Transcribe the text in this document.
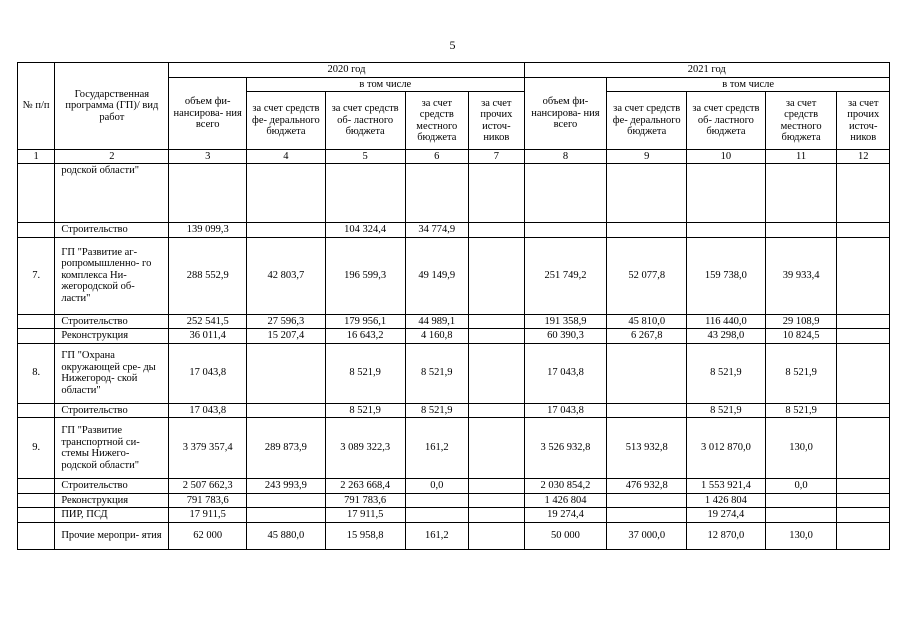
5
№ п/п	Государственная программа (ГП)/ вид работ	2020 год					2021 год				
		объем фи- нансирова- ния всего	в том числе				объем фи- нансирова- ния всего	в том числе			
			за счет средств фе- дерального бюджета	за счет средств об- ластного бюджета	за счет средств местного бюджета	за счет прочих источ- ников		за счет средств фе- дерального бюджета	за счет средств об- ластного бюджета	за счет средств местного бюджета	за счет прочих источ- ников
1	2	3	4	5	6	7	8	9	10	11	12
	родской области"										
	Строительство	139 099,3		104 324,4	34 774,9						
7.	ГП "Развитие аг-ропромышленно- го комплекса Ни- жегородской об- ласти"	288 552,9	42 803,7	196 599,3	49 149,9		251 749,2	52 077,8	159 738,0	39 933,4	
	Строительство	252 541,5	27 596,3	179 956,1	44 989,1		191 358,9	45 810,0	116 440,0	29 108,9	
	Реконструкция	36 011,4	15 207,4	16 643,2	4 160,8		60 390,3	6 267,8	43 298,0	10 824,5	
8.	ГП "Охрана окружающей сре- ды Нижегород- ской области"	17 043,8		8 521,9	8 521,9		17 043,8		8 521,9	8 521,9	
	Строительство	17 043,8		8 521,9	8 521,9		17 043,8		8 521,9	8 521,9	
9.	ГП "Развитие транспортной си- стемы Нижего- родской области"	3 379 357,4	289 873,9	3 089 322,3	161,2		3 526 932,8	513 932,8	3 012 870,0	130,0	
	Строительство	2 507 662,3	243 993,9	2 263 668,4	0,0		2 030 854,2	476 932,8	1 553 921,4	0,0	
	Реконструкция	791 783,6		791 783,6			1 426 804		1 426 804		
	ПИР, ПСД	17 911,5		17 911,5			19 274,4		19 274,4		
	Прочие меропри- ятия	62 000	45 880,0	15 958,8	161,2		50 000	37 000,0	12 870,0	130,0	
